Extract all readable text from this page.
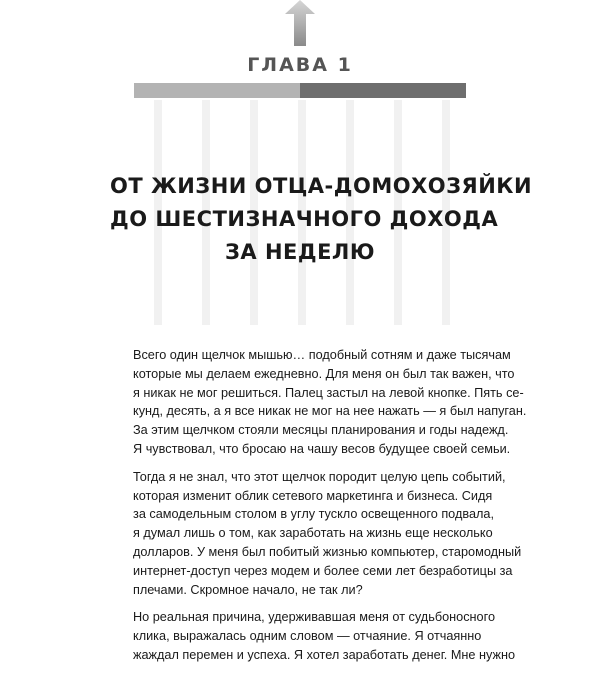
ГЛАВА 1
ОТ ЖИЗНИ ОТЦА-ДОМОХОЗЯЙКИ
ДО ШЕСТИЗНАЧНОГО ДОХОДА
ЗА НЕДЕЛЮ

Всего один щелчок мышью… подобный сотням и даже тысячам
которые мы делаем ежедневно. Для меня он был так важен, что
я никак не мог решиться. Палец застыл на левой кнопке. Пять се-
кунд, десять, а я все никак не мог на нее нажать — я был напуган.
За этим щелчком стояли месяцы планирования и годы надежд.
Я чувствовал, что бросаю на чашу весов будущее своей семьи.

Тогда я не знал, что этот щелчок породит целую цепь событий,
которая изменит облик сетевого маркетинга и бизнеса. Сидя
за самодельным столом в углу тускло освещенного подвала,
я думал лишь о том, как заработать на жизнь еще несколько
долларов. У меня был побитый жизнью компьютер, старомодный
интернет-доступ через модем и более семи лет безработицы за
плечами. Скромное начало, не так ли?

Но реальная причина, удерживавшая меня от судьбоносного
клика, выражалась одним словом — отчаяние. Я отчаянно
жаждал перемен и успеха. Я хотел заработать денег. Мне нужно
